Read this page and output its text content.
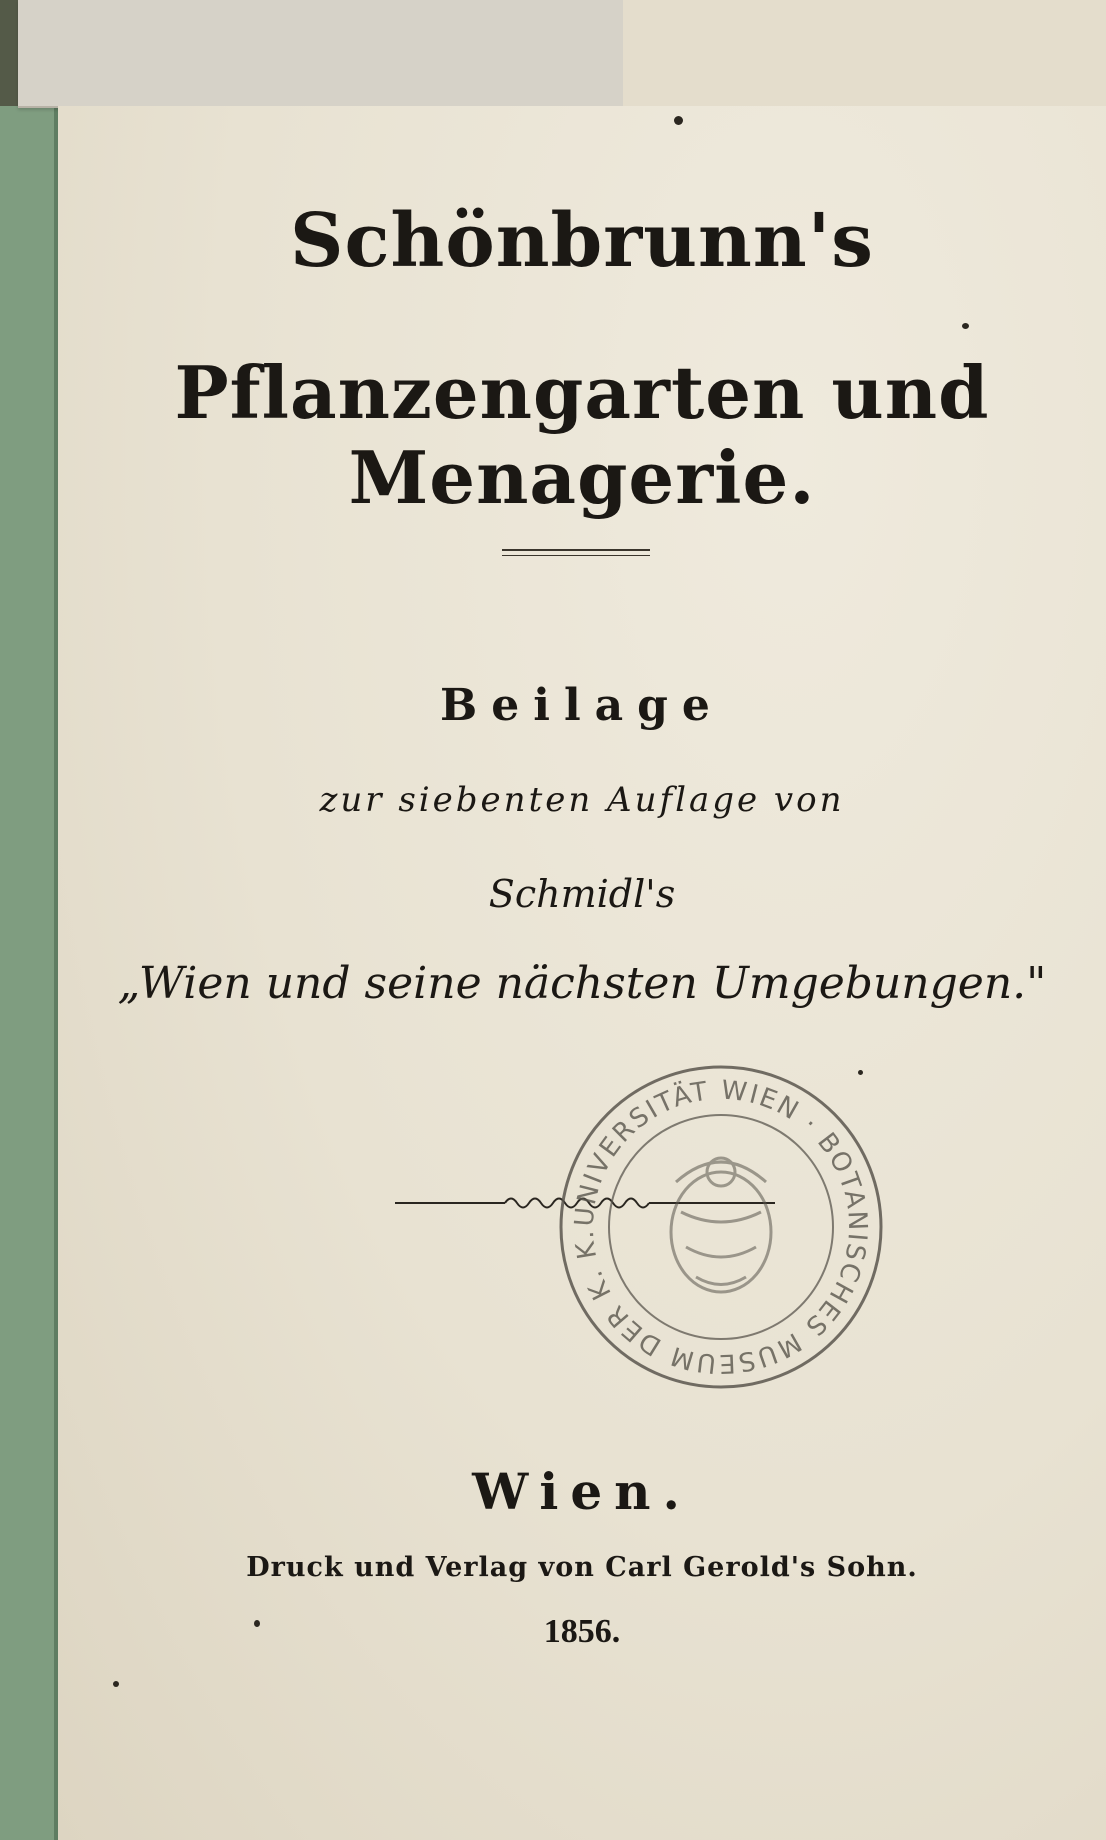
Schönbrunn's
Pflanzengarten und Menagerie.
Beilage
zur siebenten Auflage von
Schmidl's
„Wien und seine nächsten Umgebungen."
UNIVERSITÄT WIEN · BOTANISCHES MUSEUM DER K. K.
Wien.
Druck und Verlag von Carl Gerold's Sohn.
1856.
